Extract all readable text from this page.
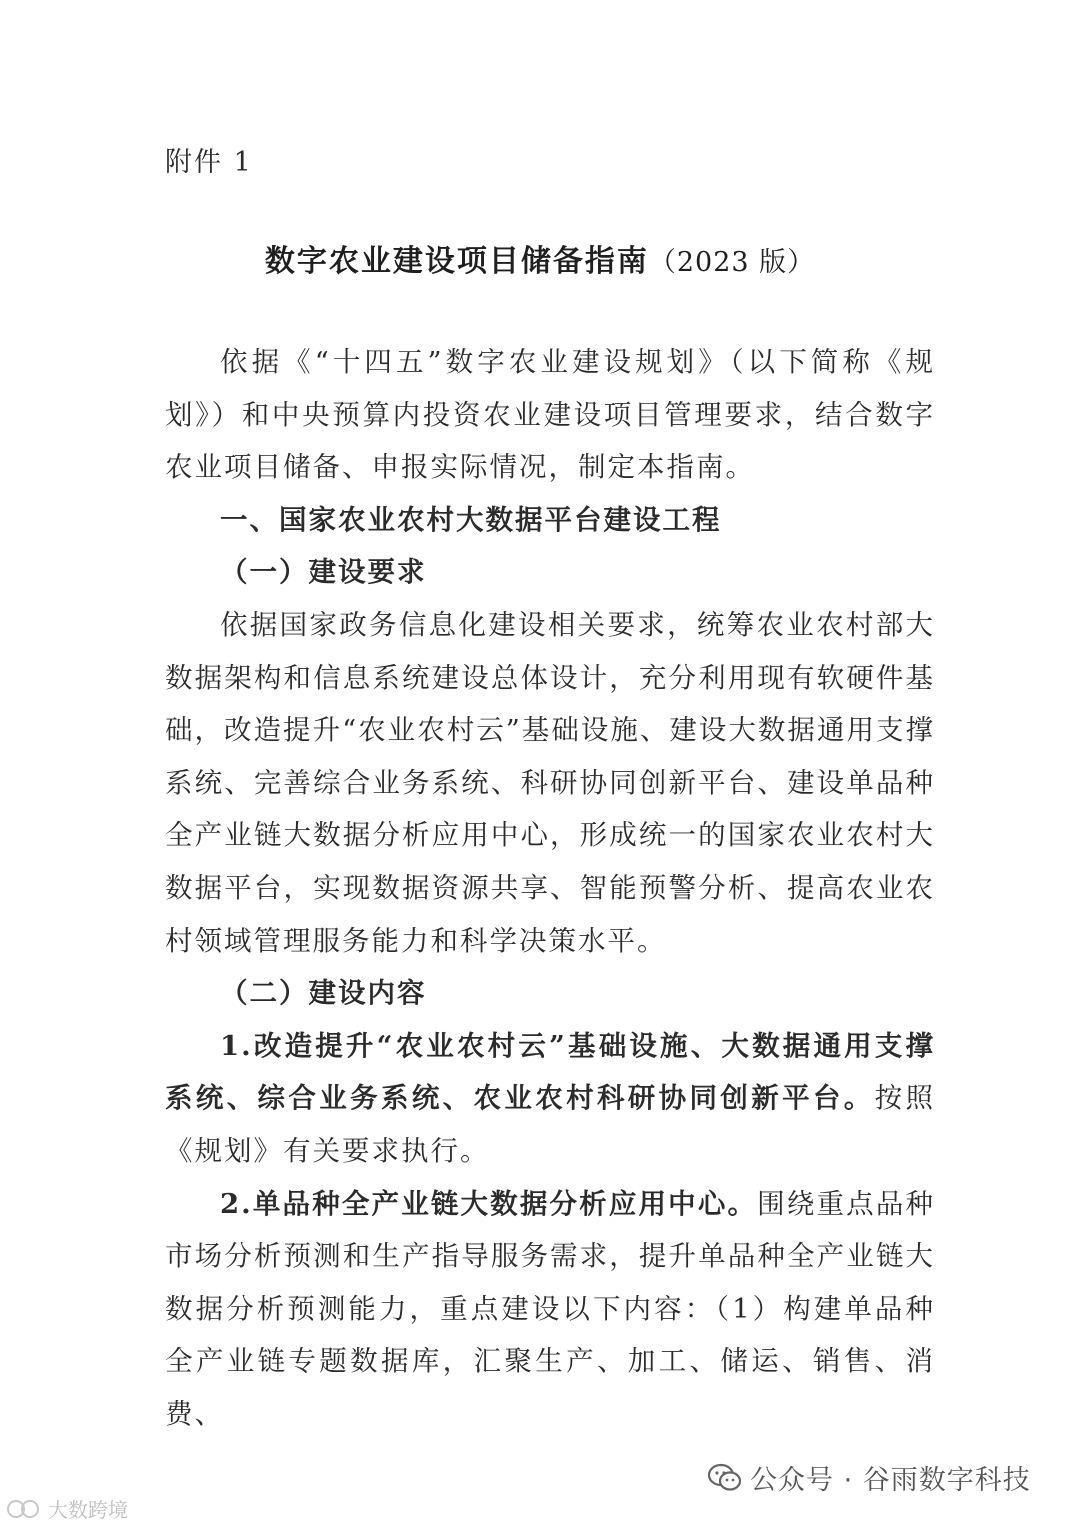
附件 1
数字农业建设项目储备指南（2023 版）

依据《“十四五”数字农业建设规划》（以下简称《规划》）和中央预算内投资农业建设项目管理要求，结合数字农业项目储备、申报实际情况，制定本指南。

一、国家农业农村大数据平台建设工程
（一）建设要求

依据国家政务信息化建设相关要求，统筹农业农村部大数据架构和信息系统建设总体设计，充分利用现有软硬件基础，改造提升“农业农村云”基础设施、建设大数据通用支撑系统、完善综合业务系统、科研协同创新平台、建设单品种全产业链大数据分析应用中心，形成统一的国家农业农村大数据平台，实现数据资源共享、智能预警分析、提高农业农村领域管理服务能力和科学决策水平。

（二）建设内容

1.改造提升“农业农村云”基础设施、大数据通用支撑系统、综合业务系统、农业农村科研协同创新平台。按照《规划》有关要求执行。

2.单品种全产业链大数据分析应用中心。围绕重点品种市场分析预测和生产指导服务需求，提升单品种全产业链大数据分析预测能力，重点建设以下内容：（1）构建单品种全产业链专题数据库，汇聚生产、加工、储运、销售、消费、

公众号 · 谷雨数字科技
大数跨境
